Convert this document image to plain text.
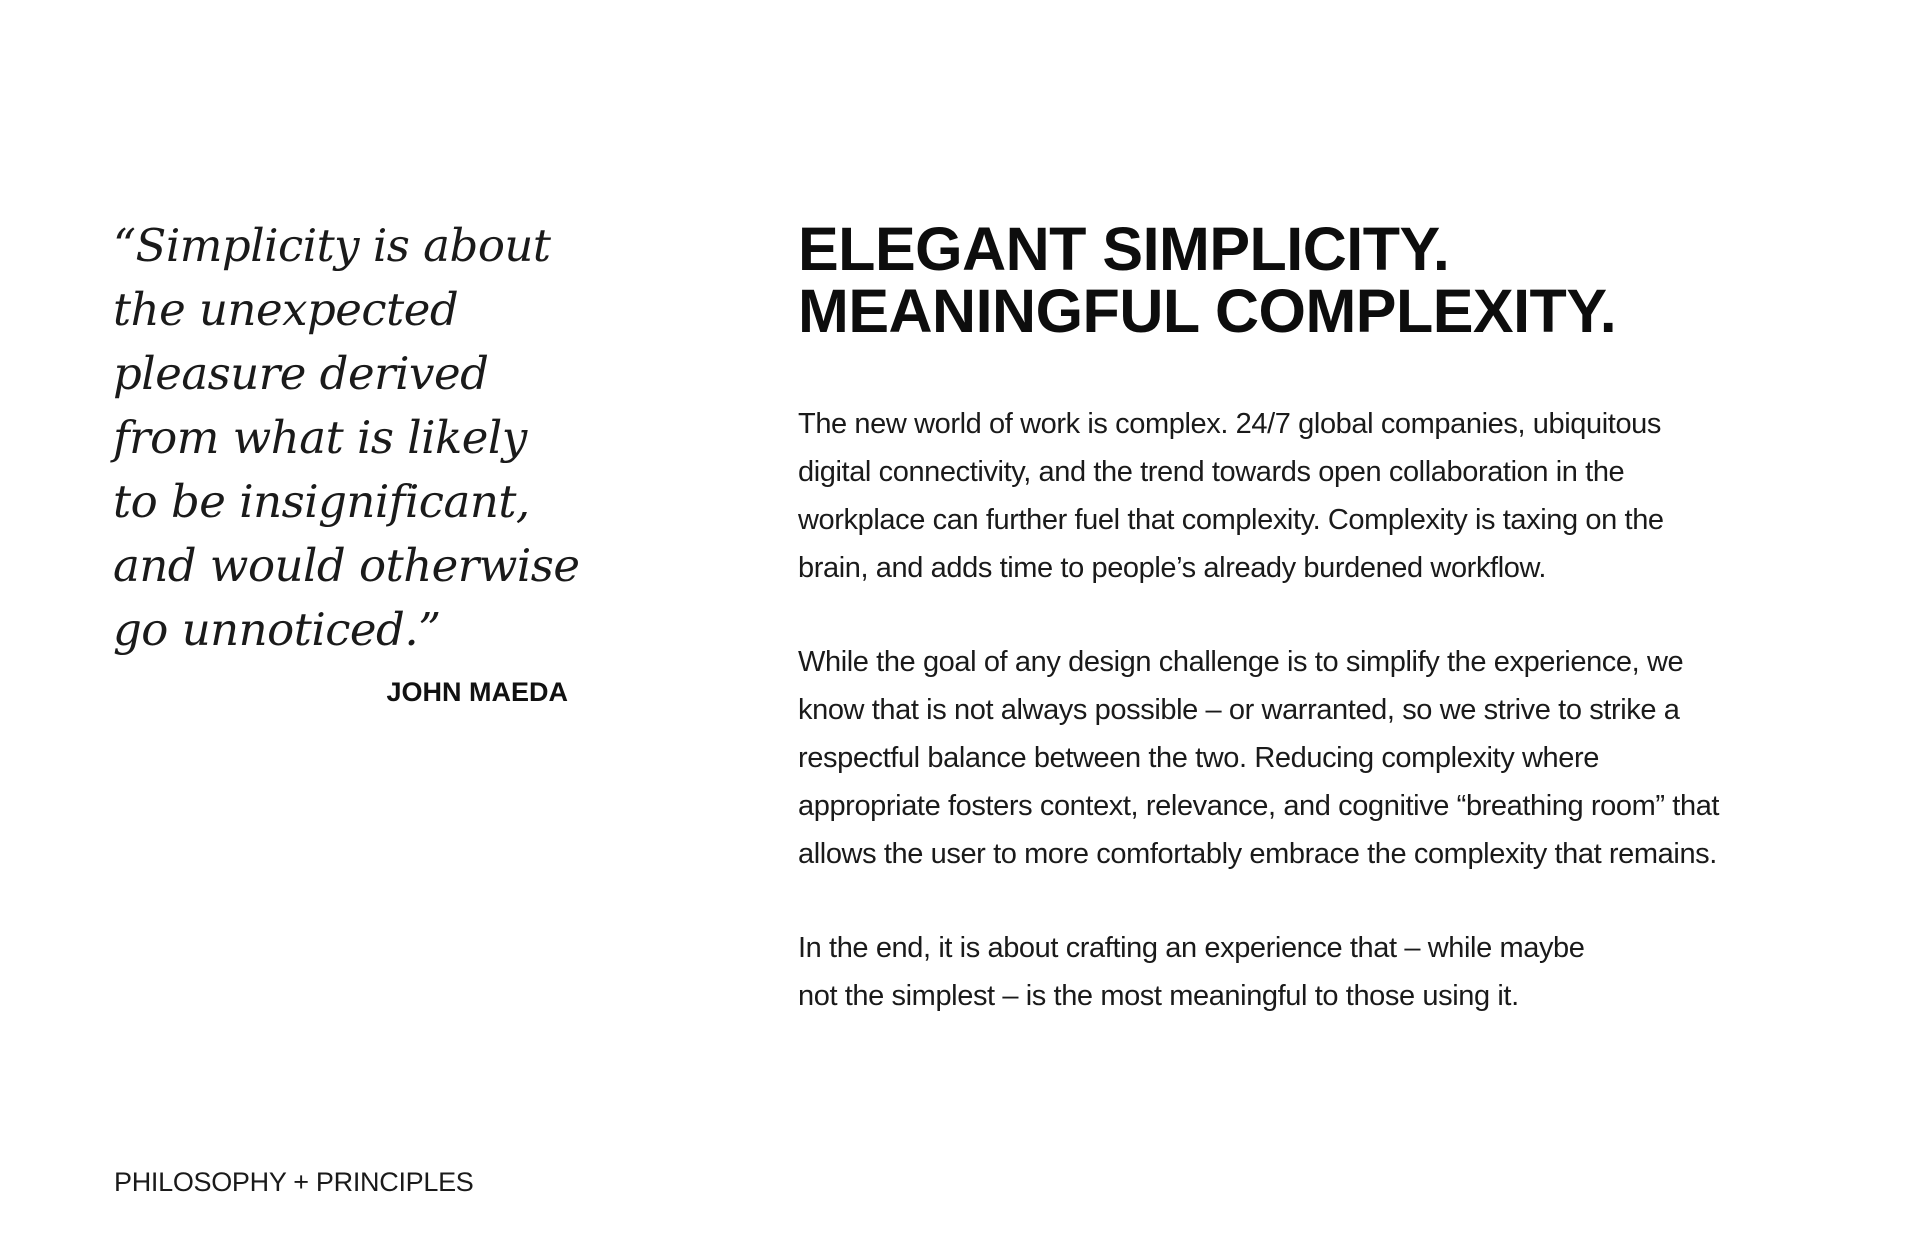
“Simplicity is about
the unexpected
pleasure derived
from what is likely
to be insignificant,
and would otherwise
go unnoticed.”
JOHN MAEDA
ELEGANT SIMPLICITY.
MEANINGFUL COMPLEXITY.

The new world of work is complex. 24/7 global companies, ubiquitous
digital connectivity, and the trend towards open collaboration in the
workplace can further fuel that complexity. Complexity is taxing on the
brain, and adds time to people’s already burdened workflow.

While the goal of any design challenge is to simplify the experience, we
know that is not always possible – or warranted, so we strive to strike a
respectful balance between the two. Reducing complexity where
appropriate fosters context, relevance, and cognitive “breathing room” that
allows the user to more comfortably embrace the complexity that remains.

In the end, it is about crafting an experience that – while maybe
not the simplest – is the most meaningful to those using it.

PHILOSOPHY + PRINCIPLES
